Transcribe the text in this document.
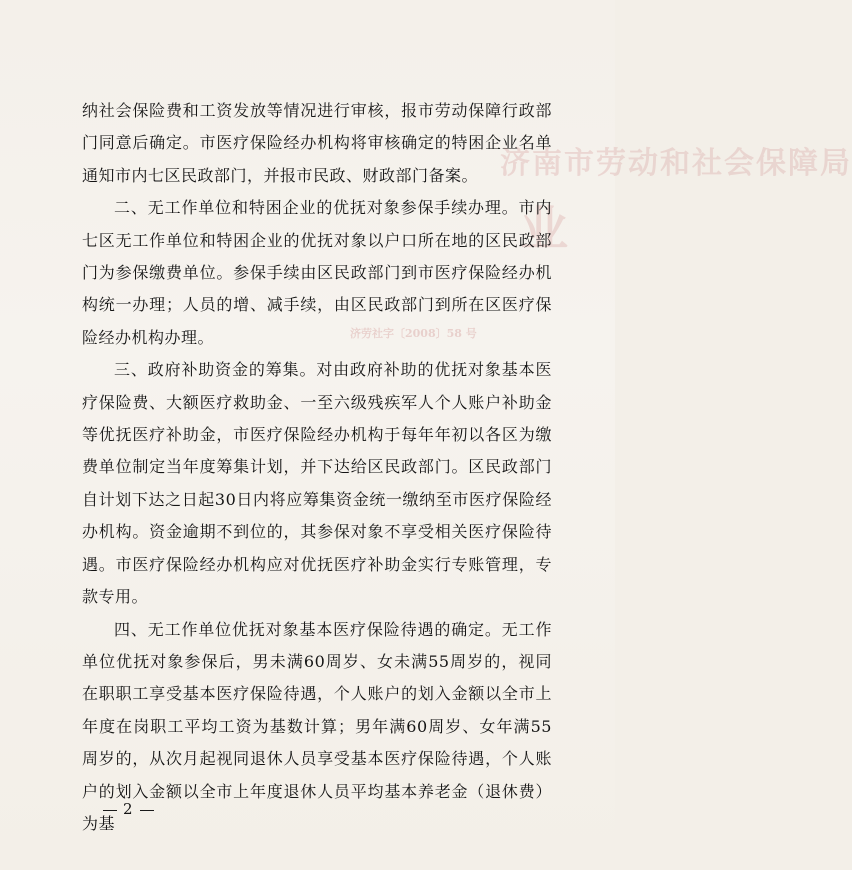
济南市劳动和社会保障局
业
济劳社字〔2008〕58 号

纳社会保险费和工资发放等情况进行审核，报市劳动保障行政部门同意后确定。市医疗保险经办机构将审核确定的特困企业名单通知市内七区民政部门，并报市民政、财政部门备案。

二、无工作单位和特困企业的优抚对象参保手续办理。市内七区无工作单位和特困企业的优抚对象以户口所在地的区民政部门为参保缴费单位。参保手续由区民政部门到市医疗保险经办机构统一办理；人员的增、减手续，由区民政部门到所在区医疗保险经办机构办理。

三、政府补助资金的筹集。对由政府补助的优抚对象基本医疗保险费、大额医疗救助金、一至六级残疾军人个人账户补助金等优抚医疗补助金，市医疗保险经办机构于每年年初以各区为缴费单位制定当年度筹集计划，并下达给区民政部门。区民政部门自计划下达之日起30日内将应筹集资金统一缴纳至市医疗保险经办机构。资金逾期不到位的，其参保对象不享受相关医疗保险待遇。市医疗保险经办机构应对优抚医疗补助金实行专账管理，专款专用。

四、无工作单位优抚对象基本医疗保险待遇的确定。无工作单位优抚对象参保后，男未满60周岁、女未满55周岁的，视同在职职工享受基本医疗保险待遇，个人账户的划入金额以全市上年度在岗职工平均工资为基数计算；男年满60周岁、女年满55周岁的，从次月起视同退休人员享受基本医疗保险待遇，个人账户的划入金额以全市上年度退休人员平均基本养老金（退休费）为基

2
